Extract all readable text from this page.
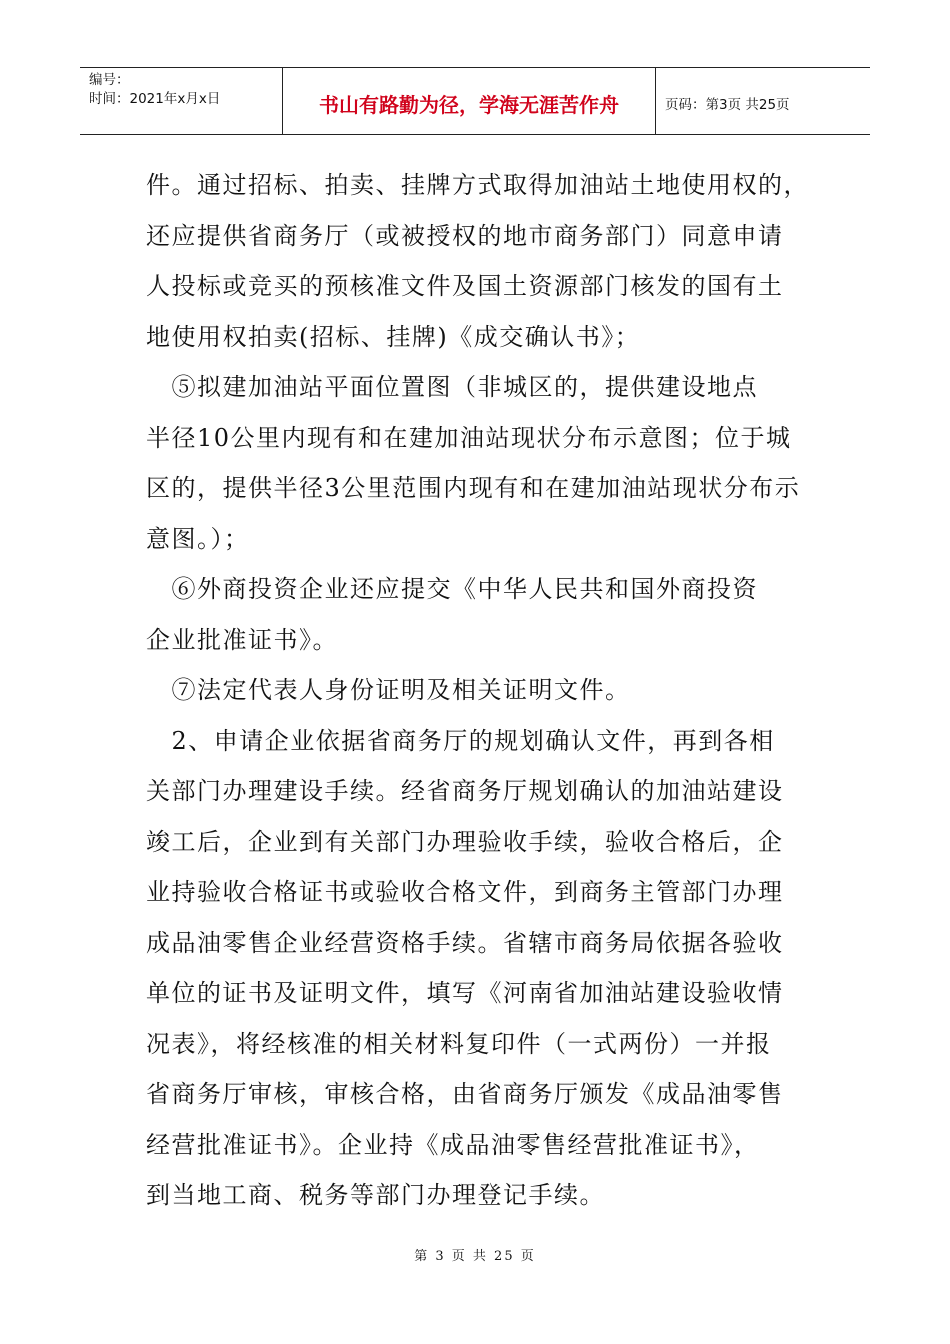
编号：
时间：2021年x月x日	书山有路勤为径，学海无涯苦作舟	页码：第3页 共25页
件。通过招标、拍卖、挂牌方式取得加油站土地使用权的，
还应提供省商务厅（或被授权的地市商务部门）同意申请
人投标或竞买的预核准文件及国土资源部门核发的国有土
地使用权拍卖(招标、挂牌)《成交确认书》；
　⑤拟建加油站平面位置图（非城区的，提供建设地点
半径10公里内现有和在建加油站现状分布示意图；位于城
区的，提供半径3公里范围内现有和在建加油站现状分布示
意图。）；
　⑥外商投资企业还应提交《中华人民共和国外商投资
企业批准证书》。
　⑦法定代表人身份证明及相关证明文件。
　2、申请企业依据省商务厅的规划确认文件，再到各相
关部门办理建设手续。经省商务厅规划确认的加油站建设
竣工后，企业到有关部门办理验收手续，验收合格后，企
业持验收合格证书或验收合格文件，到商务主管部门办理
成品油零售企业经营资格手续。省辖市商务局依据各验收
单位的证书及证明文件，填写《河南省加油站建设验收情
况表》，将经核准的相关材料复印件（一式两份）一并报
省商务厅审核，审核合格，由省商务厅颁发《成品油零售
经营批准证书》。企业持《成品油零售经营批准证书》，
到当地工商、税务等部门办理登记手续。
第 3 页 共 25 页
